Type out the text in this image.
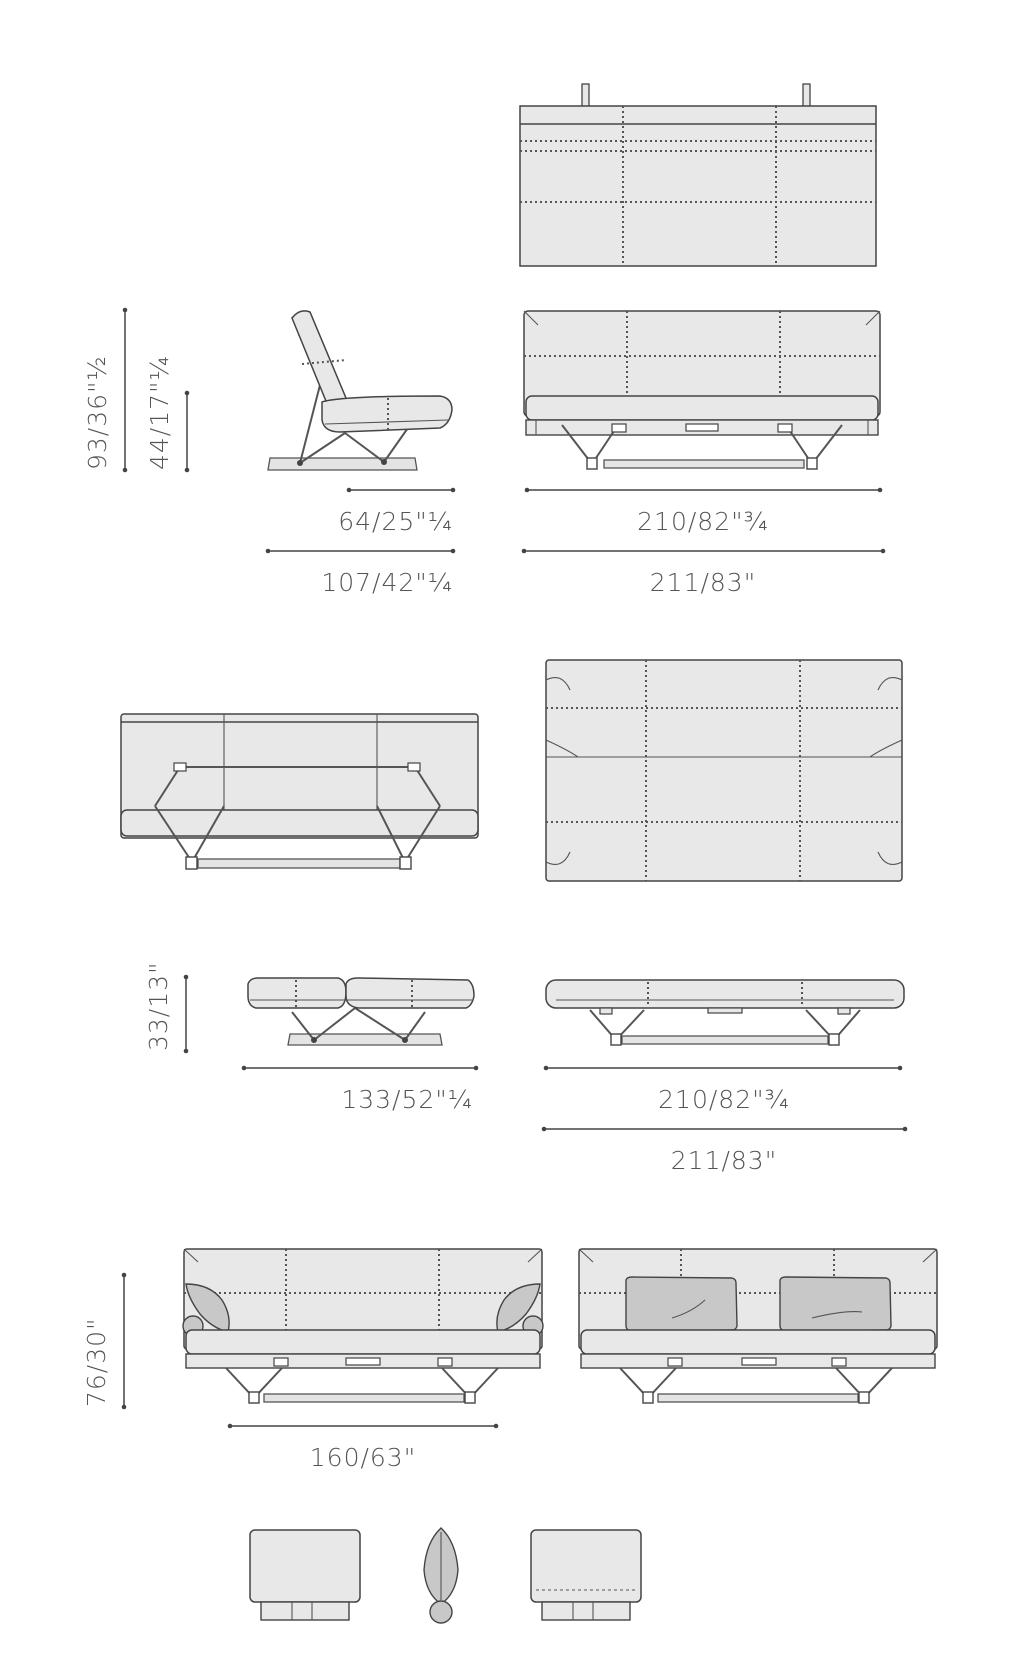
93/36"½ 44/17"¼
64/25"¼
107/42"¼
210/82"¾
211/83"
33/13"
133/52"¼	210/82"¾
211/83"
76/30"
160/63"
